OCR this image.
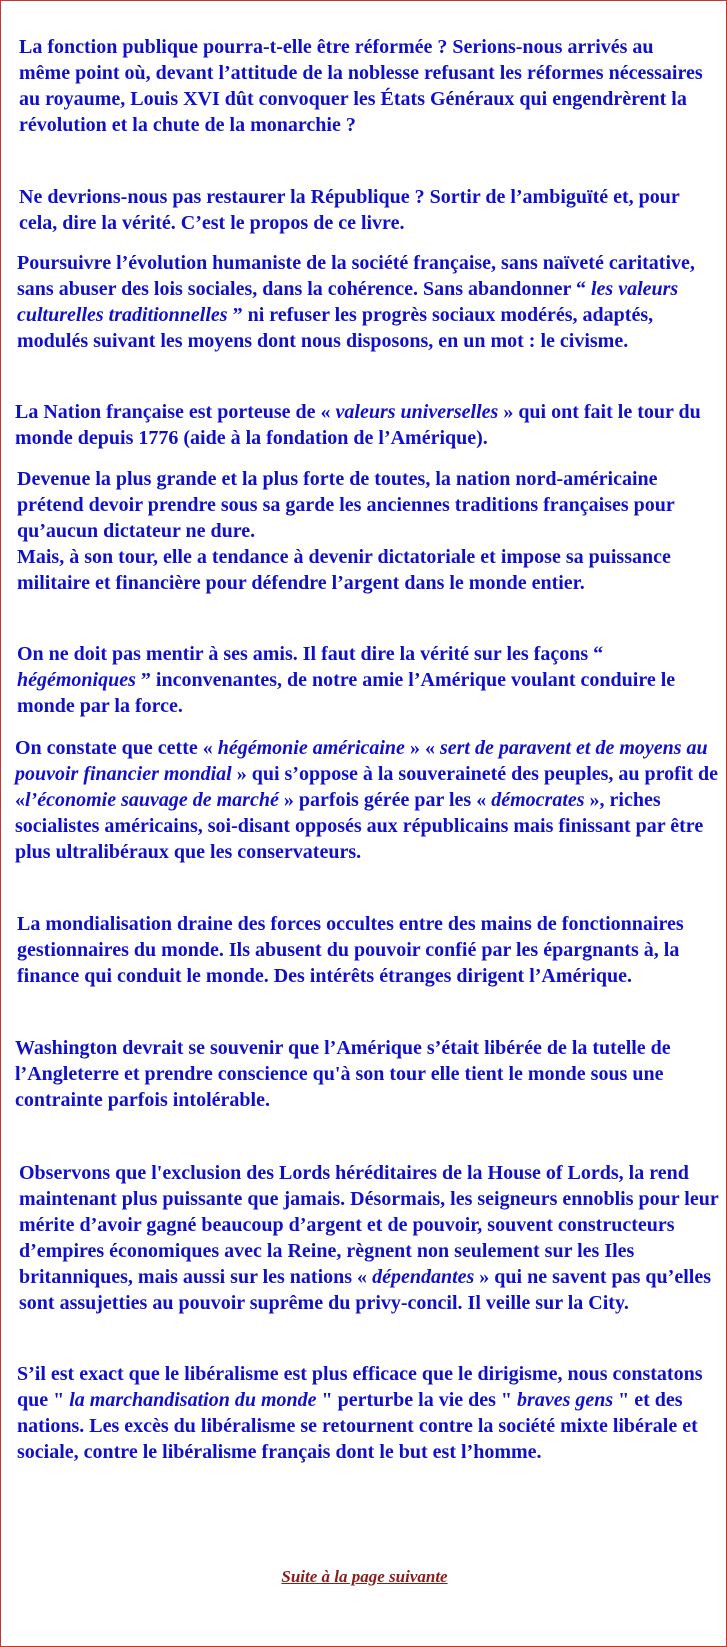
La fonction publique pourra-t-elle être réformée ? Serions-nous arrivés au même point où, devant l’attitude de la noblesse refusant les réformes nécessaires au royaume, Louis XVI dût convoquer les États Généraux qui engendrèrent la révolution et la chute de la monarchie ?

Ne devrions-nous pas restaurer la République ? Sortir de l’ambiguïté et, pour cela, dire la vérité. C’est le propos de ce livre.

Poursuivre l’évolution humaniste de la société française, sans naïveté caritative, sans abuser des lois sociales, dans la cohérence. Sans abandonner “ les valeurs culturelles traditionnelles ” ni refuser les progrès sociaux modérés, adaptés, modulés suivant les moyens dont nous disposons, en un mot : le civisme.

La Nation française est porteuse de « valeurs universelles » qui ont fait le tour du monde depuis 1776 (aide à la fondation de l’Amérique).

Devenue la plus grande et la plus forte de toutes, la nation nord-américaine prétend devoir prendre sous sa garde les anciennes traditions françaises pour qu’aucun dictateur ne dure.
Mais, à son tour, elle a tendance à devenir dictatoriale et impose sa puissance militaire et financière pour défendre l’argent dans le monde entier.

On ne doit pas mentir à ses amis. Il faut dire la vérité sur les façons “ hégémoniques ” inconvenantes, de notre amie l’Amérique voulant conduire le monde par la force.

On constate que cette « hégémonie américaine » « sert de paravent et de moyens au pouvoir financier mondial » qui s’oppose à la souveraineté des peuples, au profit de «l’économie sauvage de marché » parfois gérée par les « démocrates », riches socialistes américains, soi-disant opposés aux républicains mais finissant par être plus ultralibéraux que les conservateurs.

La mondialisation draine des forces occultes entre des mains de fonctionnaires gestionnaires du monde. Ils abusent du pouvoir confié par les épargnants à, la finance qui conduit le monde. Des intérêts étranges dirigent l’Amérique.

Washington devrait se souvenir que l’Amérique s’était libérée de la tutelle de l’Angleterre et prendre conscience qu'à son tour elle tient le monde sous une contrainte parfois intolérable.

Observons que l'exclusion des Lords héréditaires de la House of Lords, la rend maintenant plus puissante que jamais. Désormais, les seigneurs ennoblis pour leur mérite d’avoir gagné beaucoup d’argent et de pouvoir, souvent constructeurs d’empires économiques avec la Reine, règnent non seulement sur les Iles britanniques, mais aussi sur les nations « dépendantes » qui ne savent pas qu’elles sont assujetties au pouvoir suprême du privy-concil. Il veille sur la City.

S’il est exact que le libéralisme est plus efficace que le dirigisme, nous constatons que " la marchandisation du monde " perturbe la vie des " braves gens " et des nations. Les excès du libéralisme se retournent contre la société mixte libérale et sociale, contre le libéralisme français dont le but est l’homme.

Suite à la page suivante
